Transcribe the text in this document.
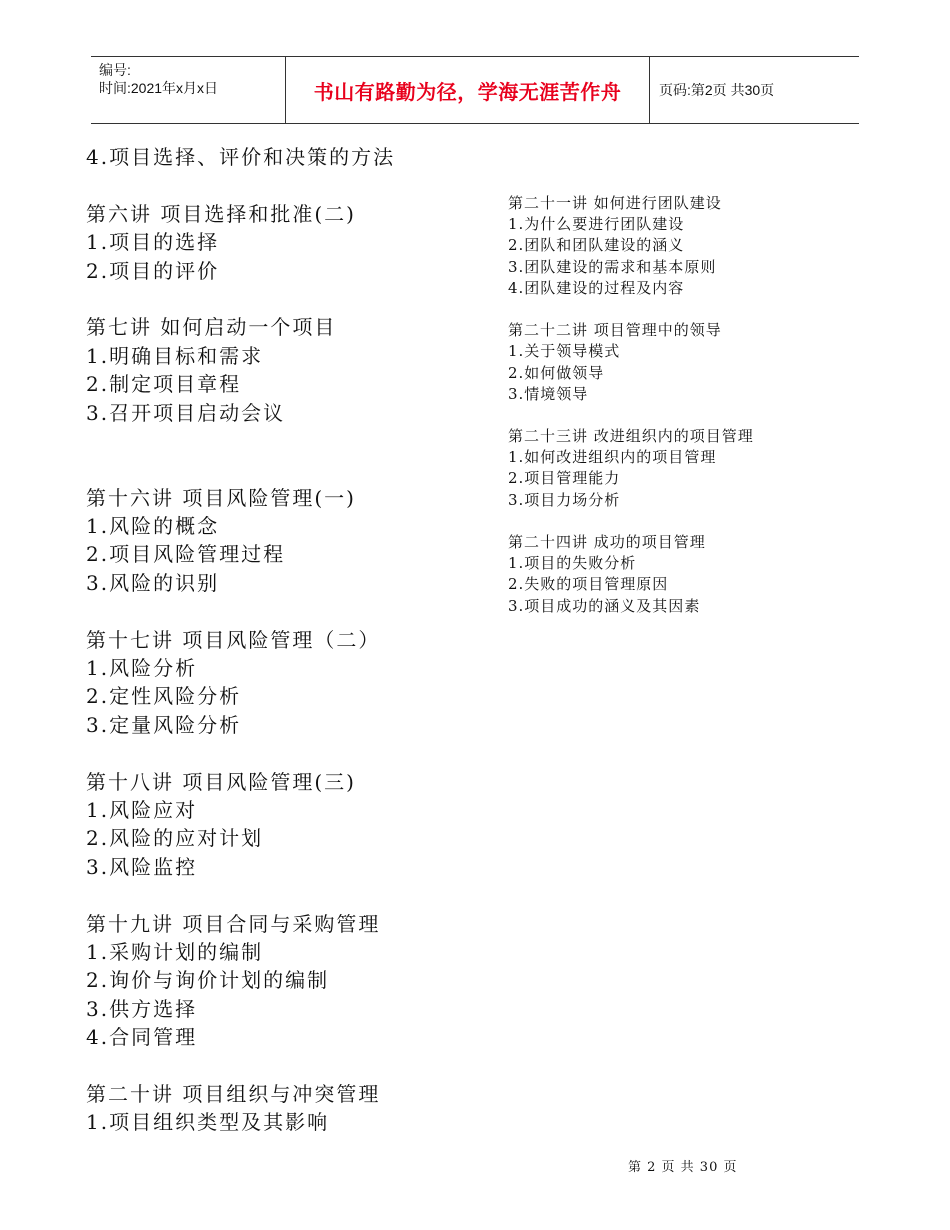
编号:
时间:2021年x月x日	书山有路勤为径，学海无涯苦作舟	页码:第2页 共30页
4.项目选择、评价和决策的方法
第六讲 项目选择和批准(二)
1.项目的选择
2.项目的评价
第七讲 如何启动一个项目
1.明确目标和需求
2.制定项目章程
3.召开项目启动会议
第十六讲 项目风险管理(一)
1.风险的概念
2.项目风险管理过程
3.风险的识别
第十七讲 项目风险管理（二）
1.风险分析
2.定性风险分析
3.定量风险分析
第十八讲 项目风险管理(三)
1.风险应对
2.风险的应对计划
3.风险监控
第十九讲 项目合同与采购管理
1.采购计划的编制
2.询价与询价计划的编制
3.供方选择
4.合同管理
第二十讲 项目组织与冲突管理
1.项目组织类型及其影响
第二十一讲 如何进行团队建设
1.为什么要进行团队建设
2.团队和团队建设的涵义
3.团队建设的需求和基本原则
4.团队建设的过程及内容
第二十二讲 项目管理中的领导
1.关于领导模式
2.如何做领导
3.情境领导
第二十三讲 改进组织内的项目管理
1.如何改进组织内的项目管理
2.项目管理能力
3.项目力场分析
第二十四讲 成功的项目管理
1.项目的失败分析
2.失败的项目管理原因
3.项目成功的涵义及其因素
第 2 页 共 30 页
